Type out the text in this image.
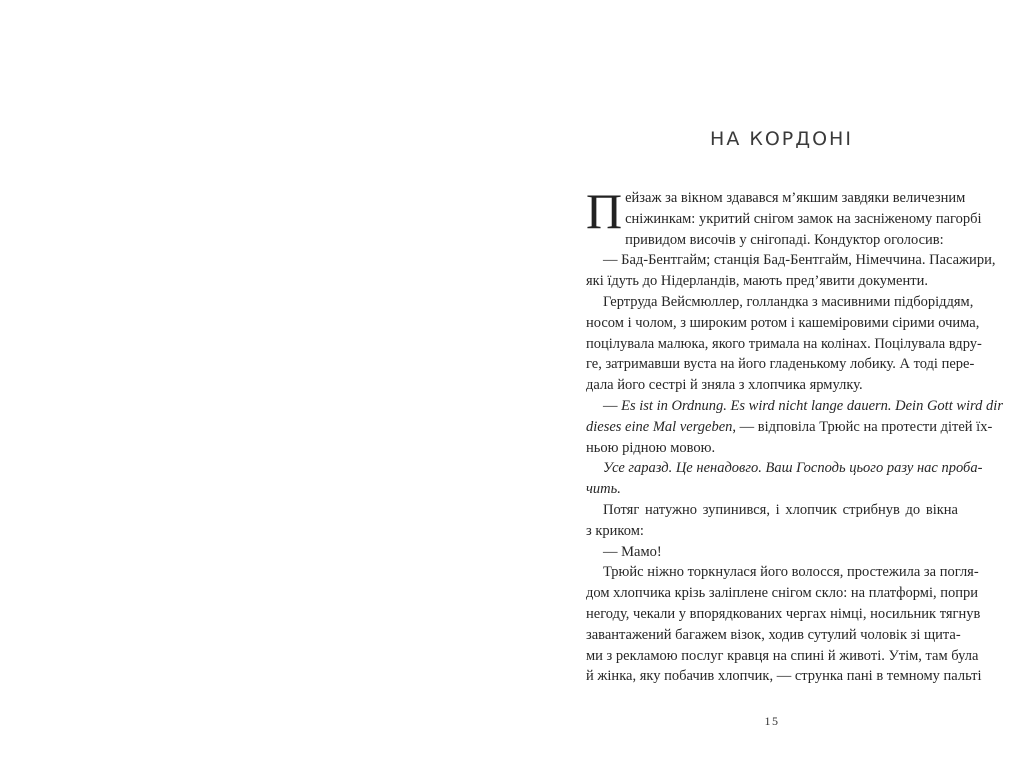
НА КОРДОНІ
П ейзаж за вікном здавався м’якшим завдяки величезним
сніжинкам: укритий снігом замок на засніженому пагорбі
привидом височів у снігопаді. Кондуктор оголосив:
— Бад-Бентгайм; станція Бад-Бентгайм, Німеччина. Пасажири,
які їдуть до Нідерландів, мають пред’явити документи.
Гертруда Вейсмюллер, голландка з масивними підборіддям,
носом і чолом, з широким ротом і кашеміровими сірими очима,
поцілувала малюка, якого тримала на колінах. Поцілувала вдру-
ге, затримавши вуста на його гладенькому лобику. А тоді пере-
дала його сестрі й зняла з хлопчика ярмулку.
— Es ist in Ordnung. Es wird nicht lange dauern. Dein Gott wird dir
dieses eine Mal vergeben, — відповіла Трюйс на протести дітей їх-
ньою рідною мовою.
Усе гаразд. Це ненадовго. Ваш Господь цього разу нас проба-
чить.
Потяг натужно зупинився, і хлопчик стрибнув до вікна
з криком:
— Мамо!
Трюйс ніжно торкнулася його волосся, простежила за погля-
дом хлопчика крізь заліплене снігом скло: на платформі, попри
негоду, чекали у впорядкованих чергах німці, носильник тягнув
завантажений багажем візок, ходив сутулий чоловік зі щита-
ми з рекламою послуг кравця на спині й животі. Утім, там була
й жінка, яку побачив хлопчик, — струнка пані в темному пальті
15
